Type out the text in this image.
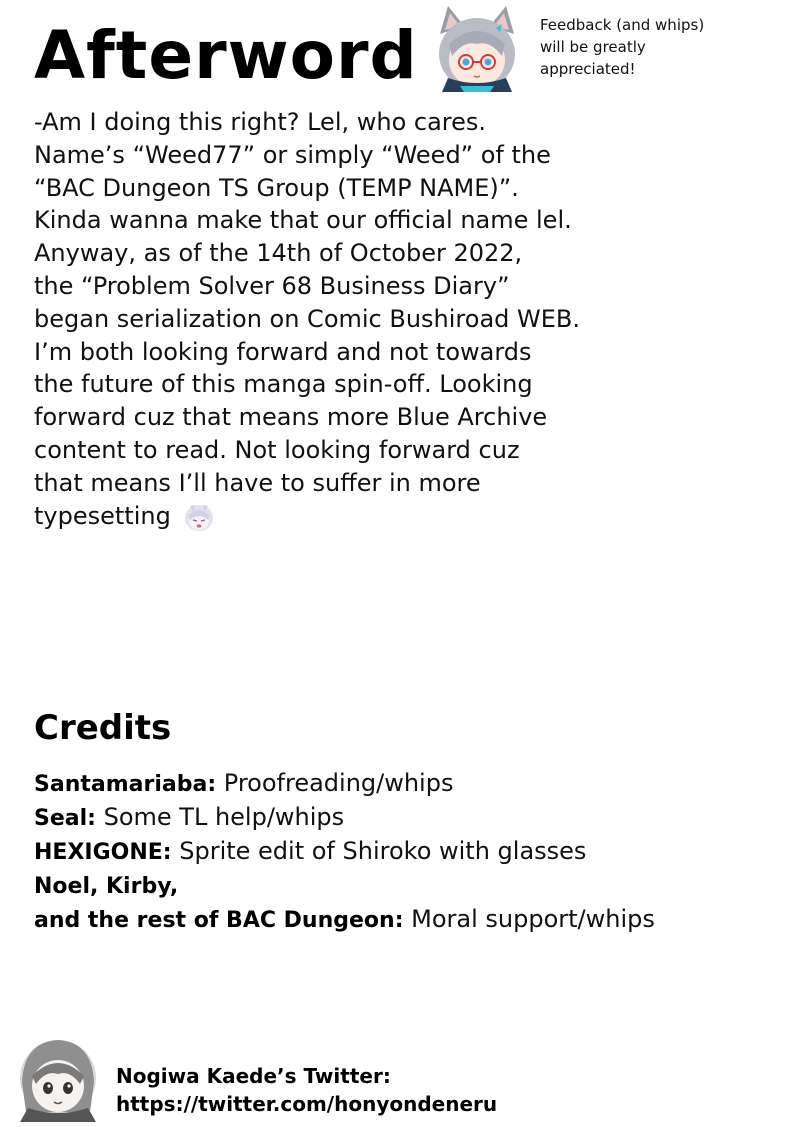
Afterword	Feedback (and whips)
will be greatly
appreciated!
-Am I doing this right? Lel, who cares.
Name’s “Weed77” or simply “Weed” of the
“BAC Dungeon TS Group (TEMP NAME)”.
Kinda wanna make that our official name lel.
Anyway, as of the 14th of October 2022,
the “Problem Solver 68 Business Diary”
began serialization on Comic Bushiroad WEB.
I’m both looking forward and not towards
the future of this manga spin-off. Looking
forward cuz that means more Blue Archive
content to read. Not looking forward cuz
that means I’ll have to suffer in more
typesetting
Credits
Santamariaba: Proofreading/whips
Seal: Some TL help/whips
HEXIGONE: Sprite edit of Shiroko with glasses
Noel, Kirby,
and the rest of BAC Dungeon: Moral support/whips
Nogiwa Kaede’s Twitter:
https://twitter.com/honyondeneru
